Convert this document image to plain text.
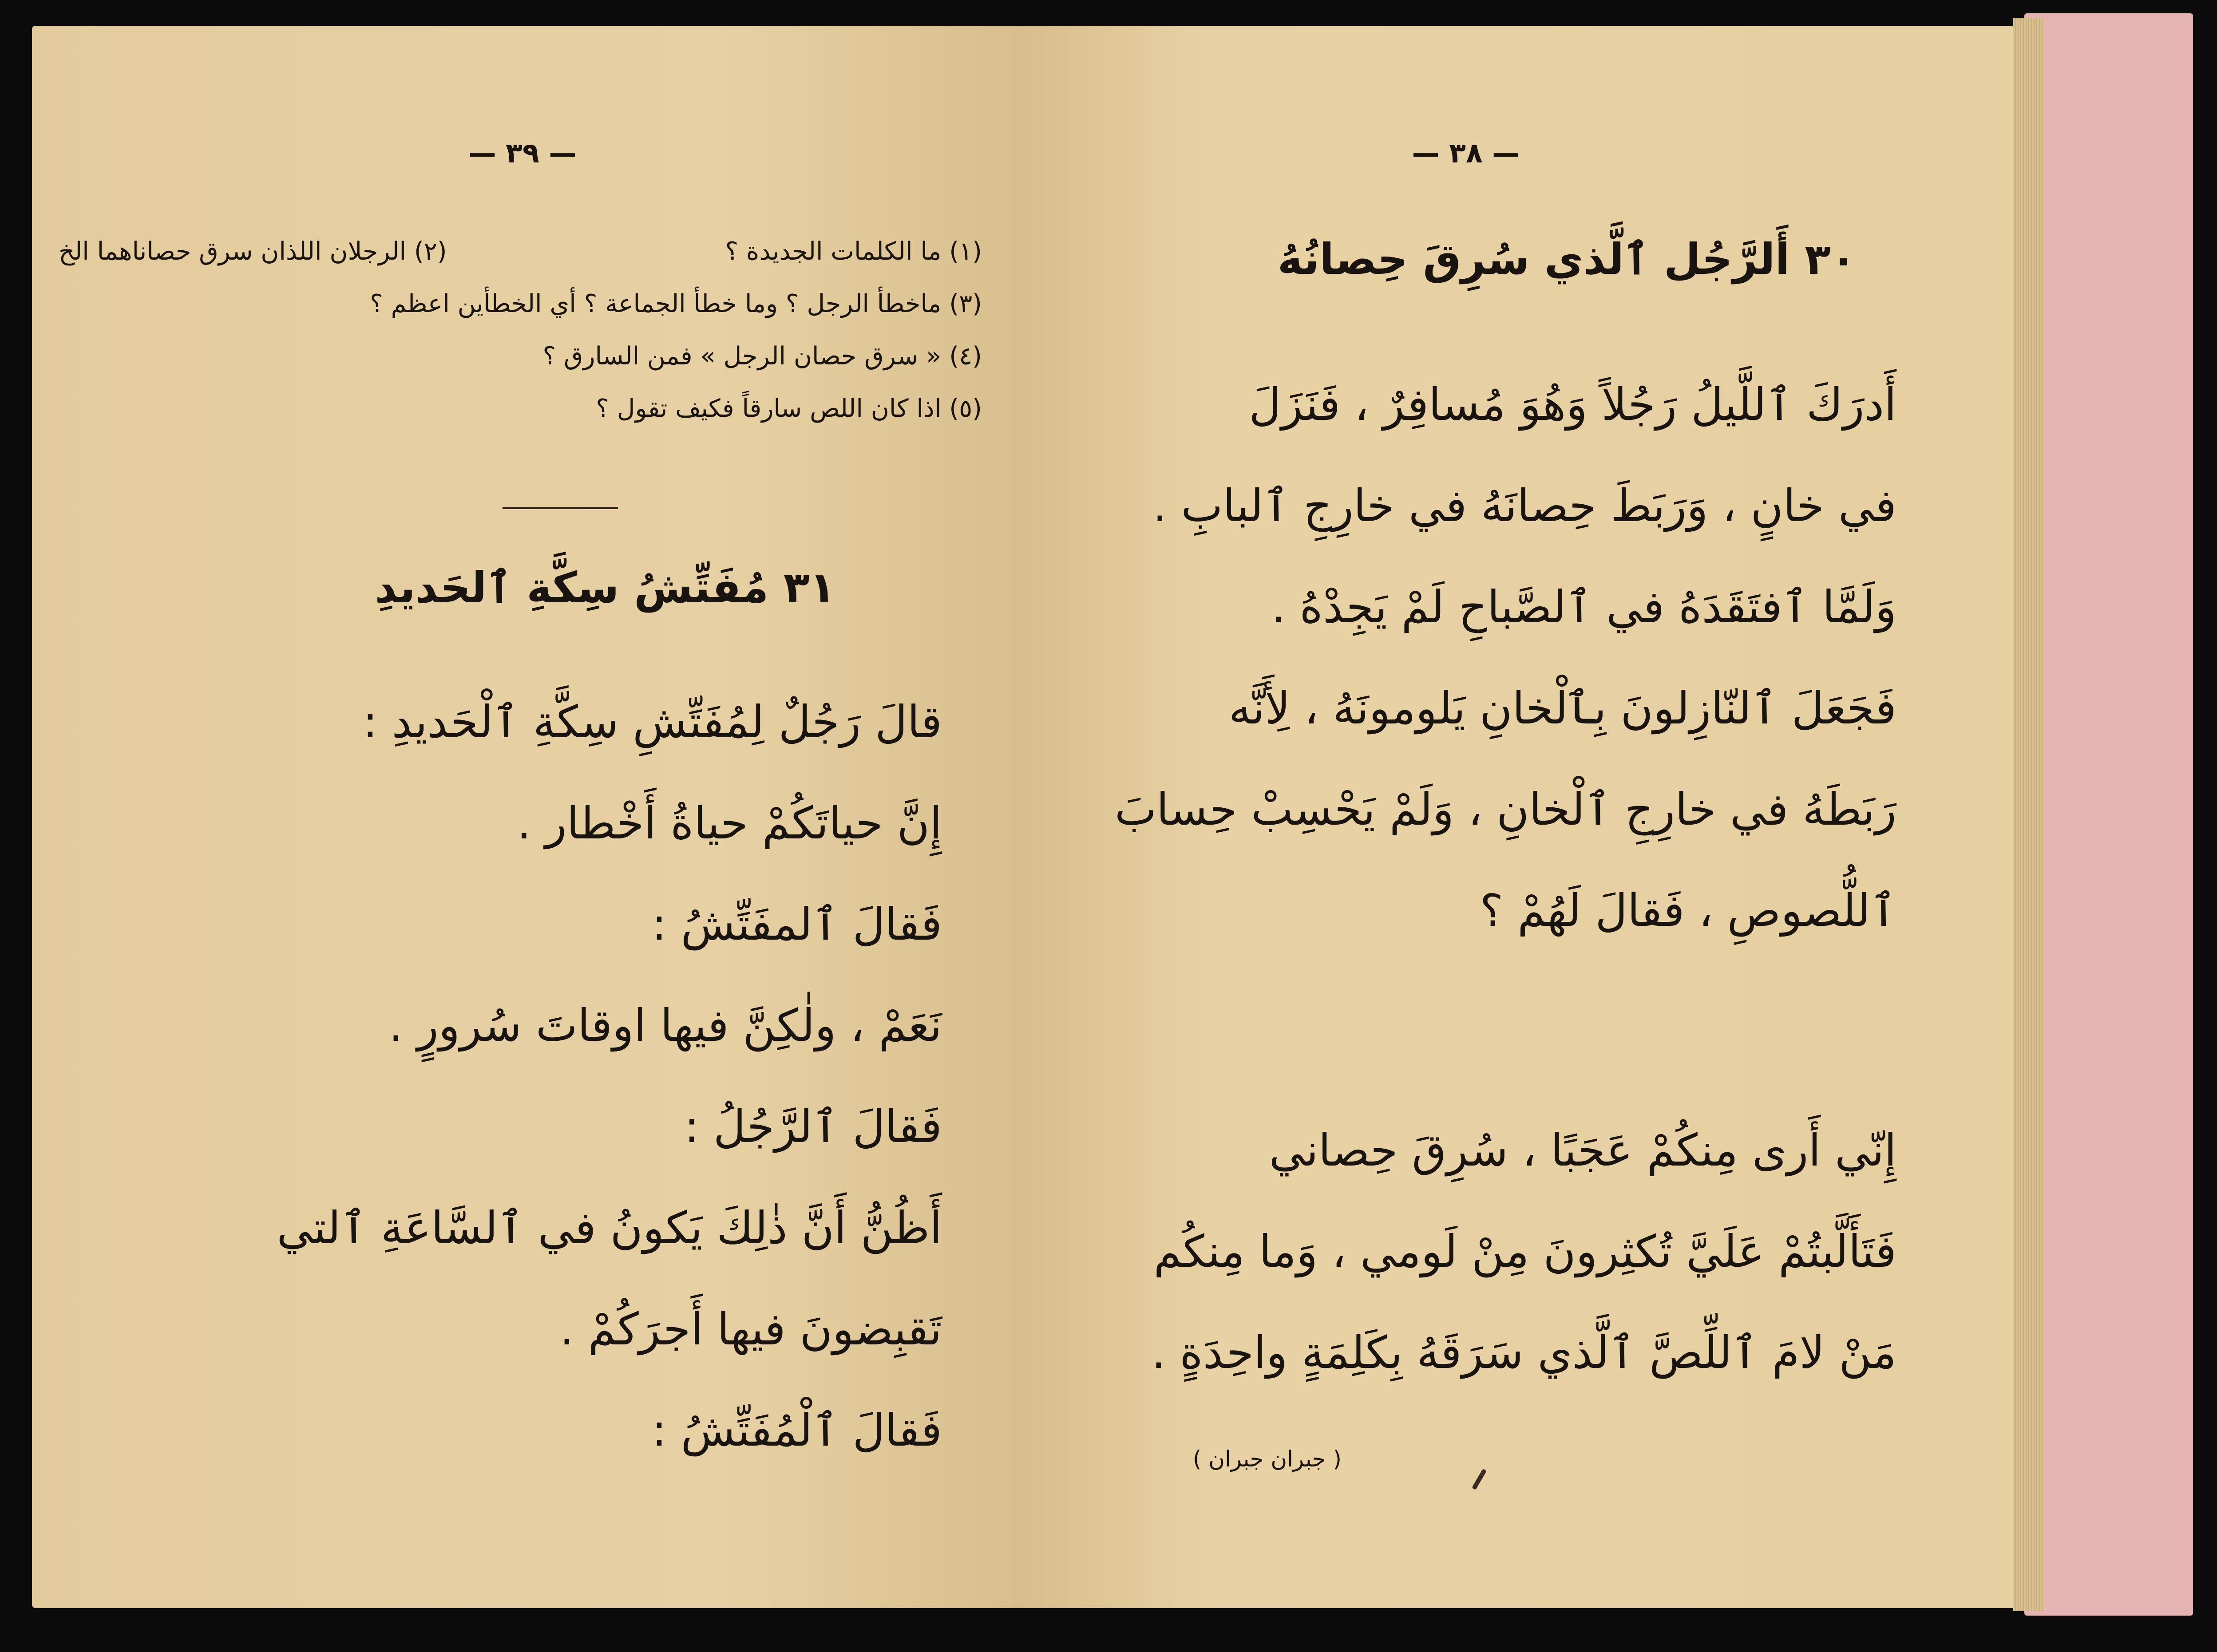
— ٣٩ —
(١) ما الكلمات الجديدة ؟
(٢) الرجلان اللذان سرق حصاناهما الخ
(٣) ماخطأ الرجل ؟ وما خطأ الجماعة ؟ أي الخطأين اعظم ؟
(٤) « سرق حصان الرجل » فمن السارق ؟
(٥) اذا كان اللص سارقاً فكيف تقول ؟
٣١ مُفَتِّشُ سِكَّةِ ٱلحَديدِ
قالَ رَجُلٌ لِمُفَتِّشِ سِكَّةِ ٱلْحَديدِ :
إِنَّ حياتَكُمْ حياةُ أَخْطار .
فَقالَ ٱلمفَتِّشُ :
نَعَمْ ، ولٰكِنَّ فيها اوقاتَ سُرورٍ .
فَقالَ ٱلرَّجُلُ :
أَظُنُّ أَنَّ ذٰلِكَ يَكونُ في ٱلسَّاعَةِ ٱلتي
تَقبِضونَ فيها أَجرَكُمْ .
فَقالَ ٱلْمُفَتِّشُ :
— ٣٨ —
٣٠ أَلرَّجُل ٱلَّذي سُرِقَ حِصانُهُ
أَدرَكَ ٱللَّيلُ رَجُلاً وَهُوَ مُسافِرٌ ، فَنَزَلَ
في خانٍ ، وَرَبَطَ حِصانَهُ في خارِجِ ٱلبابِ .
وَلَمَّا ٱفتَقَدَهُ في ٱلصَّباحِ لَمْ يَجِدْهُ .
فَجَعَلَ ٱلنّازِلونَ بِٱلْخانِ يَلومونَهُ ، لِأَنَّه
رَبَطَهُ في خارِجِ ٱلْخانِ ، وَلَمْ يَحْسِبْ حِسابَ
ٱللُّصوصِ ، فَقالَ لَهُمْ ؟
إِنّي أَرى مِنكُمْ عَجَبًا ، سُرِقَ حِصاني
فَتَأَلَّبتُمْ عَلَيَّ تُكثِرونَ مِنْ لَومي ، وَما مِنكُم
مَنْ لامَ ٱللِّصَّ ٱلَّذي سَرَقَهُ بِكَلِمَةٍ واحِدَةٍ .
( جبران جبران )
